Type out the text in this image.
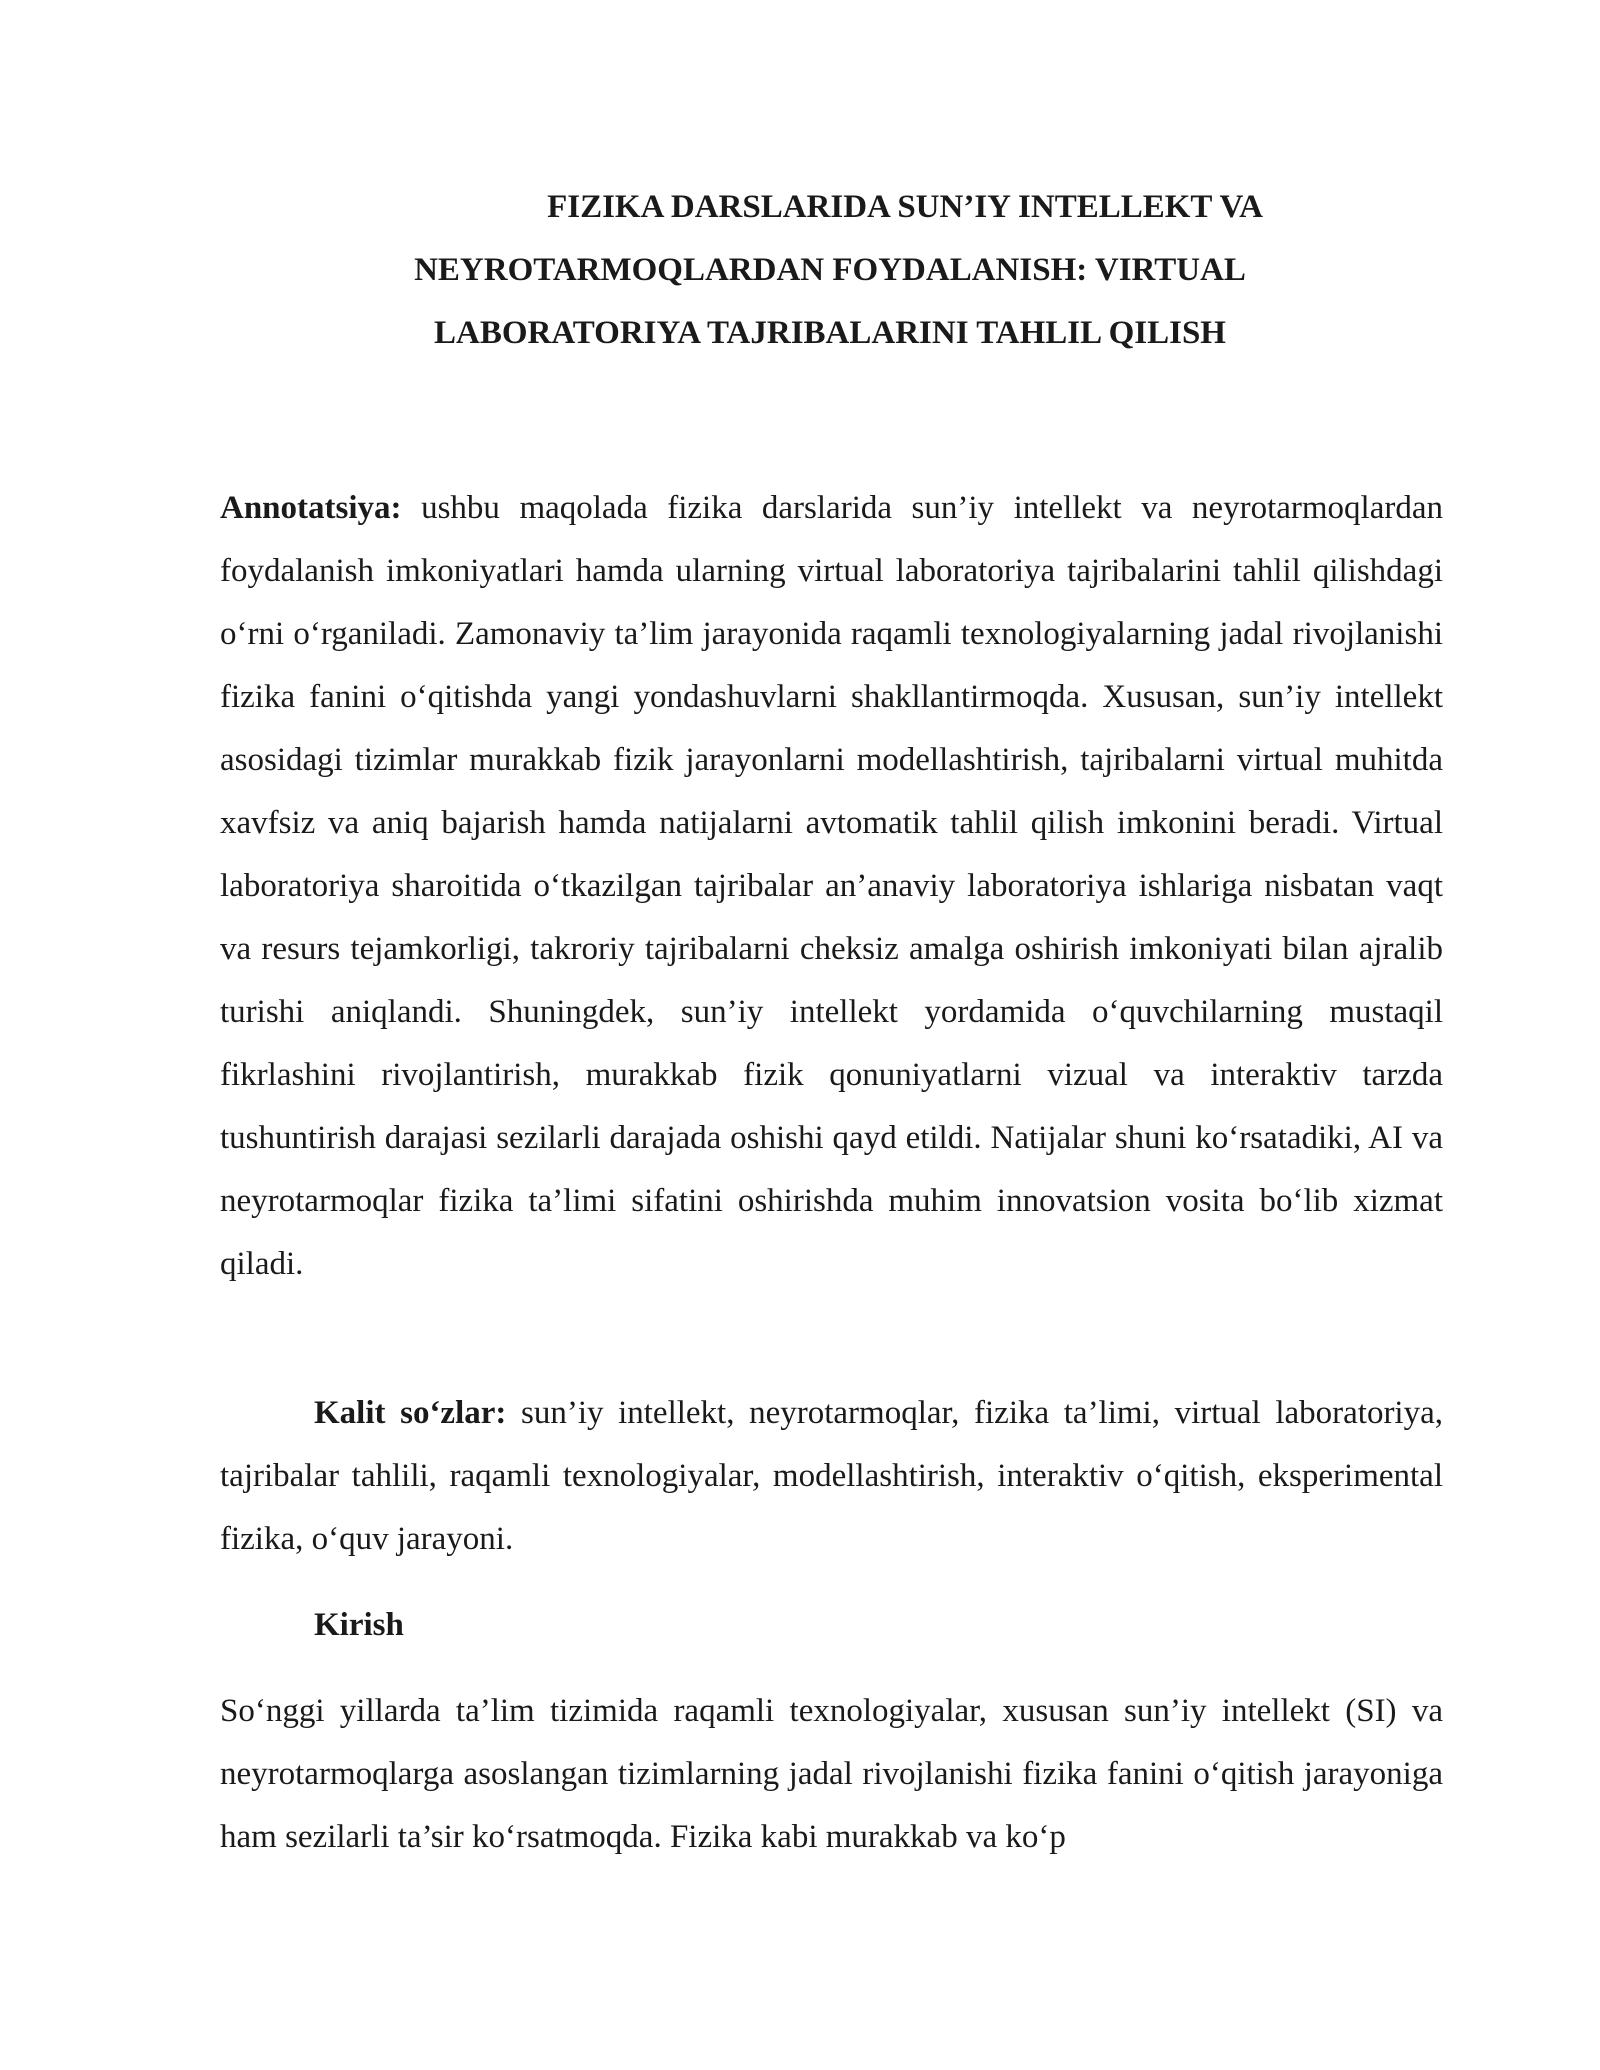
FIZIKA DARSLARIDA SUN’IY INTELLEKT VA
NEYROTARMOQLARDAN FOYDALANISH: VIRTUAL
LABORATORIYA TAJRIBALARINI TAHLIL QILISH

Annotatsiya: ushbu maqolada fizika darslarida sun’iy intellekt va neyrotarmoqlardan foydalanish imkoniyatlari hamda ularning virtual laboratoriya tajribalarini tahlil qilishdagi o‘rni o‘rganiladi. Zamonaviy ta’lim jarayonida raqamli texnologiyalarning jadal rivojlanishi fizika fanini o‘qitishda yangi yondashuvlarni shakllantirmoqda. Xususan, sun’iy intellekt asosidagi tizimlar murakkab fizik jarayonlarni modellashtirish, tajribalarni virtual muhitda xavfsiz va aniq bajarish hamda natijalarni avtomatik tahlil qilish imkonini beradi. Virtual laboratoriya sharoitida o‘tkazilgan tajribalar an’anaviy laboratoriya ishlariga nisbatan vaqt va resurs tejamkorligi, takroriy tajribalarni cheksiz amalga oshirish imkoniyati bilan ajralib turishi aniqlandi. Shuningdek, sun’iy intellekt yordamida o‘quvchilarning mustaqil fikrlashini rivojlantirish, murakkab fizik qonuniyatlarni vizual va interaktiv tarzda tushuntirish darajasi sezilarli darajada oshishi qayd etildi. Natijalar shuni ko‘rsatadiki, AI va neyrotarmoqlar fizika ta’limi sifatini oshirishda muhim innovatsion vosita bo‘lib xizmat qiladi.

Kalit so‘zlar: sun’iy intellekt, neyrotarmoqlar, fizika ta’limi, virtual laboratoriya, tajribalar tahlili, raqamli texnologiyalar, modellashtirish, interaktiv o‘qitish, eksperimental fizika, o‘quv jarayoni.

Kirish

So‘nggi yillarda ta’lim tizimida raqamli texnologiyalar, xususan sun’iy intellekt (SI) va neyrotarmoqlarga asoslangan tizimlarning jadal rivojlanishi fizika fanini o‘qitish jarayoniga ham sezilarli ta’sir ko‘rsatmoqda. Fizika kabi murakkab va ko‘p
